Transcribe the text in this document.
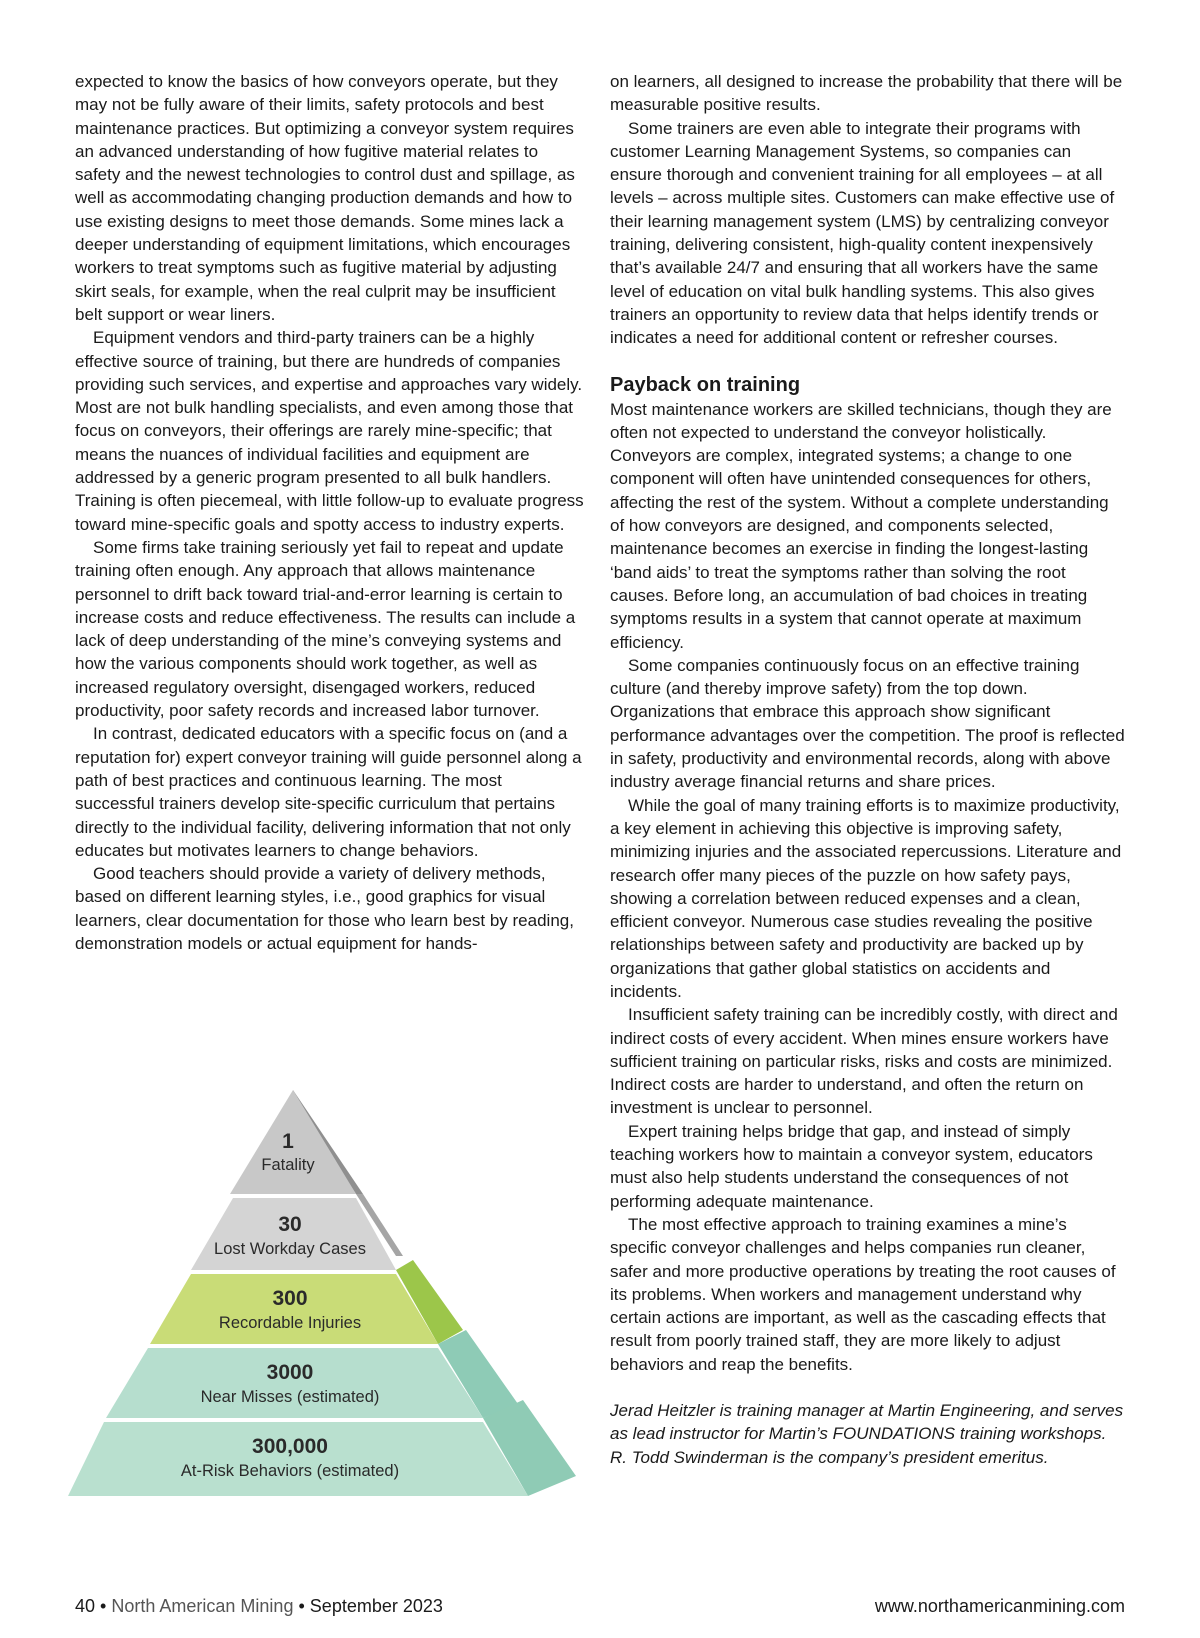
expected to know the basics of how conveyors operate, but they may not be fully aware of their limits, safety protocols and best maintenance practices. But optimizing a conveyor system requires an advanced understanding of how fugitive material relates to safety and the newest technologies to control dust and spillage, as well as accommodating changing production demands and how to use existing designs to meet those demands. Some mines lack a deeper understanding of equipment limitations, which encourages workers to treat symptoms such as fugitive material by adjusting skirt seals, for example, when the real culprit may be insufficient belt support or wear liners.

Equipment vendors and third-party trainers can be a highly effective source of training, but there are hundreds of companies providing such services, and expertise and approaches vary widely. Most are not bulk handling specialists, and even among those that focus on conveyors, their offerings are rarely mine-specific; that means the nuances of individual facilities and equipment are addressed by a generic program presented to all bulk handlers. Training is often piecemeal, with little follow-up to evaluate progress toward mine-specific goals and spotty access to industry experts.

Some firms take training seriously yet fail to repeat and update training often enough. Any approach that allows maintenance personnel to drift back toward trial-and-error learning is certain to increase costs and reduce effectiveness. The results can include a lack of deep understanding of the mine’s conveying systems and how the various components should work together, as well as increased regulatory oversight, disengaged workers, reduced productivity, poor safety records and increased labor turnover.

In contrast, dedicated educators with a specific focus on (and a reputation for) expert conveyor training will guide personnel along a path of best practices and continuous learning. The most successful trainers develop site-specific curriculum that pertains directly to the individual facility, delivering information that not only educates but motivates learners to change behaviors.

Good teachers should provide a variety of delivery methods, based on different learning styles, i.e., good graphics for visual learners, clear documentation for those who learn best by reading, demonstration models or actual equipment for hands-

1
Fatality
30
Lost Workday Cases
300
Recordable Injuries
3000
Near Misses (estimated)
300,000
At-Risk Behaviors (estimated)

on learners, all designed to increase the probability that there will be measurable positive results.

Some trainers are even able to integrate their programs with customer Learning Management Systems, so companies can ensure thorough and convenient training for all employees – at all levels – across multiple sites. Customers can make effective use of their learning management system (LMS) by centralizing conveyor training, delivering consistent, high-quality content inexpensively that’s available 24/7 and ensuring that all workers have the same level of education on vital bulk handling systems. This also gives trainers an opportunity to review data that helps identify trends or indicates a need for additional content or refresher courses.

Payback on training

Most maintenance workers are skilled technicians, though they are often not expected to understand the conveyor holistically. Conveyors are complex, integrated systems; a change to one component will often have unintended consequences for others, affecting the rest of the system. Without a complete understanding of how conveyors are designed, and components selected, maintenance becomes an exercise in finding the longest-lasting ‘band aids’ to treat the symptoms rather than solving the root causes. Before long, an accumulation of bad choices in treating symptoms results in a system that cannot operate at maximum efficiency.

Some companies continuously focus on an effective training culture (and thereby improve safety) from the top down. Organizations that embrace this approach show significant performance advantages over the competition. The proof is reflected in safety, productivity and environmental records, along with above industry average financial returns and share prices.

While the goal of many training efforts is to maximize productivity, a key element in achieving this objective is improving safety, minimizing injuries and the associated repercussions. Literature and research offer many pieces of the puzzle on how safety pays, showing a correlation between reduced expenses and a clean, efficient conveyor. Numerous case studies revealing the positive relationships between safety and productivity are backed up by organizations that gather global statistics on accidents and incidents.

Insufficient safety training can be incredibly costly, with direct and indirect costs of every accident. When mines ensure workers have sufficient training on particular risks, risks and costs are minimized. Indirect costs are harder to understand, and often the return on investment is unclear to personnel.

Expert training helps bridge that gap, and instead of simply teaching workers how to maintain a conveyor system, educators must also help students understand the consequences of not performing adequate maintenance.

The most effective approach to training examines a mine’s specific conveyor challenges and helps companies run cleaner, safer and more productive operations by treating the root causes of its problems. When workers and management understand why certain actions are important, as well as the cascading effects that result from poorly trained staff, they are more likely to adjust behaviors and reap the benefits.

Jerad Heitzler is training manager at Martin Engineering, and serves as lead instructor for Martin’s FOUNDATIONS training workshops. R. Todd Swinderman is the company’s president emeritus.

40 • North American Mining • September 2023	www.northamericanmining.com
